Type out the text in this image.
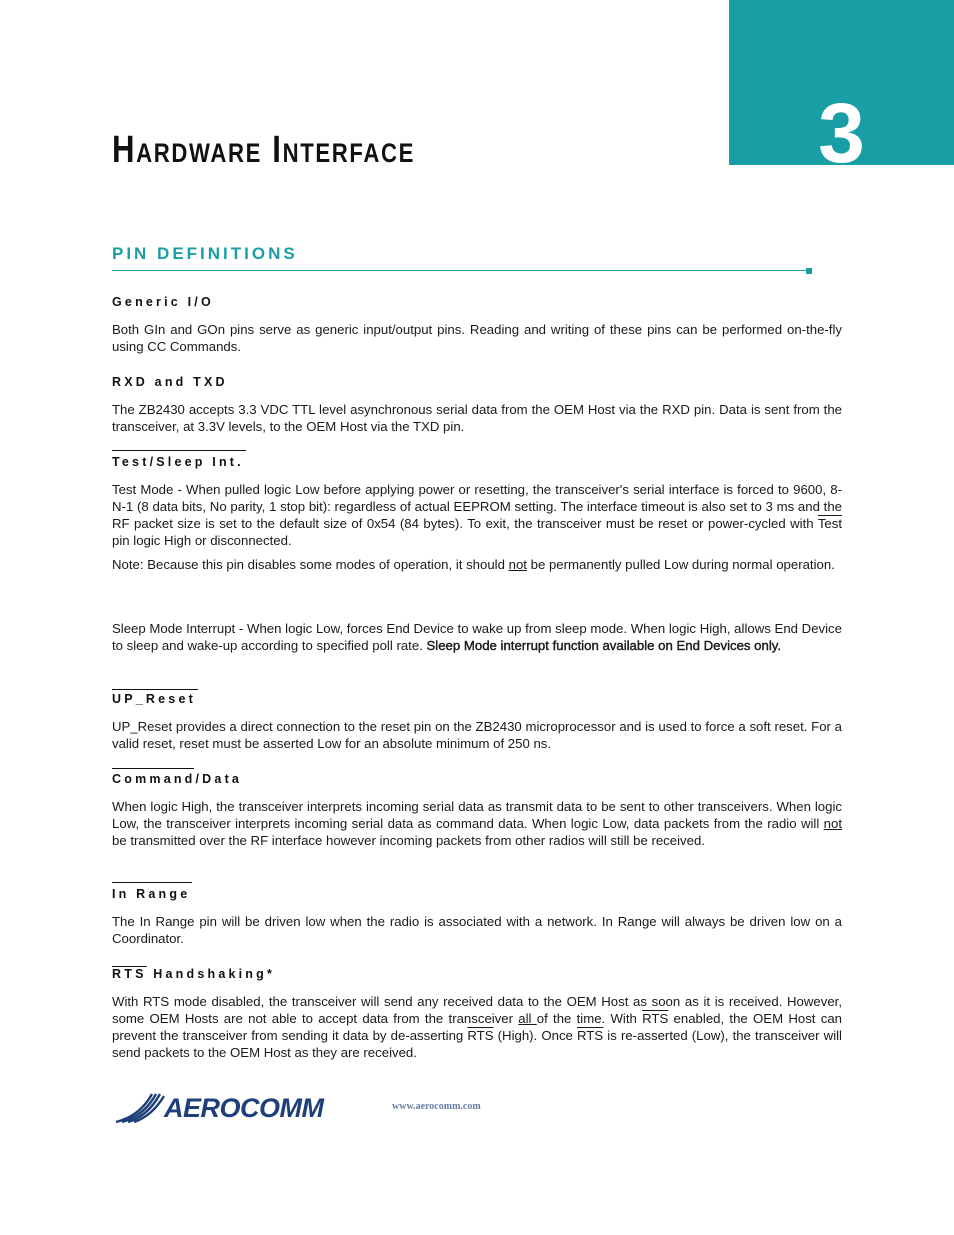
3
Hardware Interface
PIN DEFINITIONS
Generic I/O
Both GIn and GOn pins serve as generic input/output pins. Reading and writing of these pins can be performed on-the-fly using CC Commands.
RXD and TXD
The ZB2430 accepts 3.3 VDC TTL level asynchronous serial data from the OEM Host via the RXD pin. Data is sent from the transceiver, at 3.3V levels, to the OEM Host via the TXD pin.
Test/Sleep Int.
Test Mode - When pulled logic Low before applying power or resetting, the transceiver's serial interface is forced to 9600, 8-N-1 (8 data bits, No parity, 1 stop bit): regardless of actual EEPROM setting. The interface timeout is also set to 3 ms and the RF packet size is set to the default size of 0x54 (84 bytes). To exit, the transceiver must be reset or power-cycled with Test pin logic High or disconnected.
Note: Because this pin disables some modes of operation, it should not be permanently pulled Low during normal operation.
Sleep Mode Interrupt - When logic Low, forces End Device to wake up from sleep mode. When logic High, allows End Device to sleep and wake-up according to specified poll rate. Sleep Mode interrupt function available on End Devices only.
UP_Reset
UP_Reset provides a direct connection to the reset pin on the ZB2430 microprocessor and is used to force a soft reset. For a valid reset, reset must be asserted Low for an absolute minimum of 250 ns.
Command/Data
When logic High, the transceiver interprets incoming serial data as transmit data to be sent to other transceivers. When logic Low, the transceiver interprets incoming serial data as command data. When logic Low, data packets from the radio will not be transmitted over the RF interface however incoming packets from other radios will still be received.
In Range
The In Range pin will be driven low when the radio is associated with a network. In Range will always be driven low on a Coordinator.
$\overline{RTS}$ Handshaking*
With RTS mode disabled, the transceiver will send any received data to the OEM Host as soon as it is received. However, some OEM Hosts are not able to accept data from the transceiver all of the time. With $\overline{RTS}$ enabled, the OEM Host can prevent the transceiver from sending it data by de-asserting $\overline{RTS}$ (High). Once $\overline{RTS}$ is re-asserted (Low), the transceiver will send packets to the OEM Host as they are received.
AEROCOMM	www.aerocomm.com
